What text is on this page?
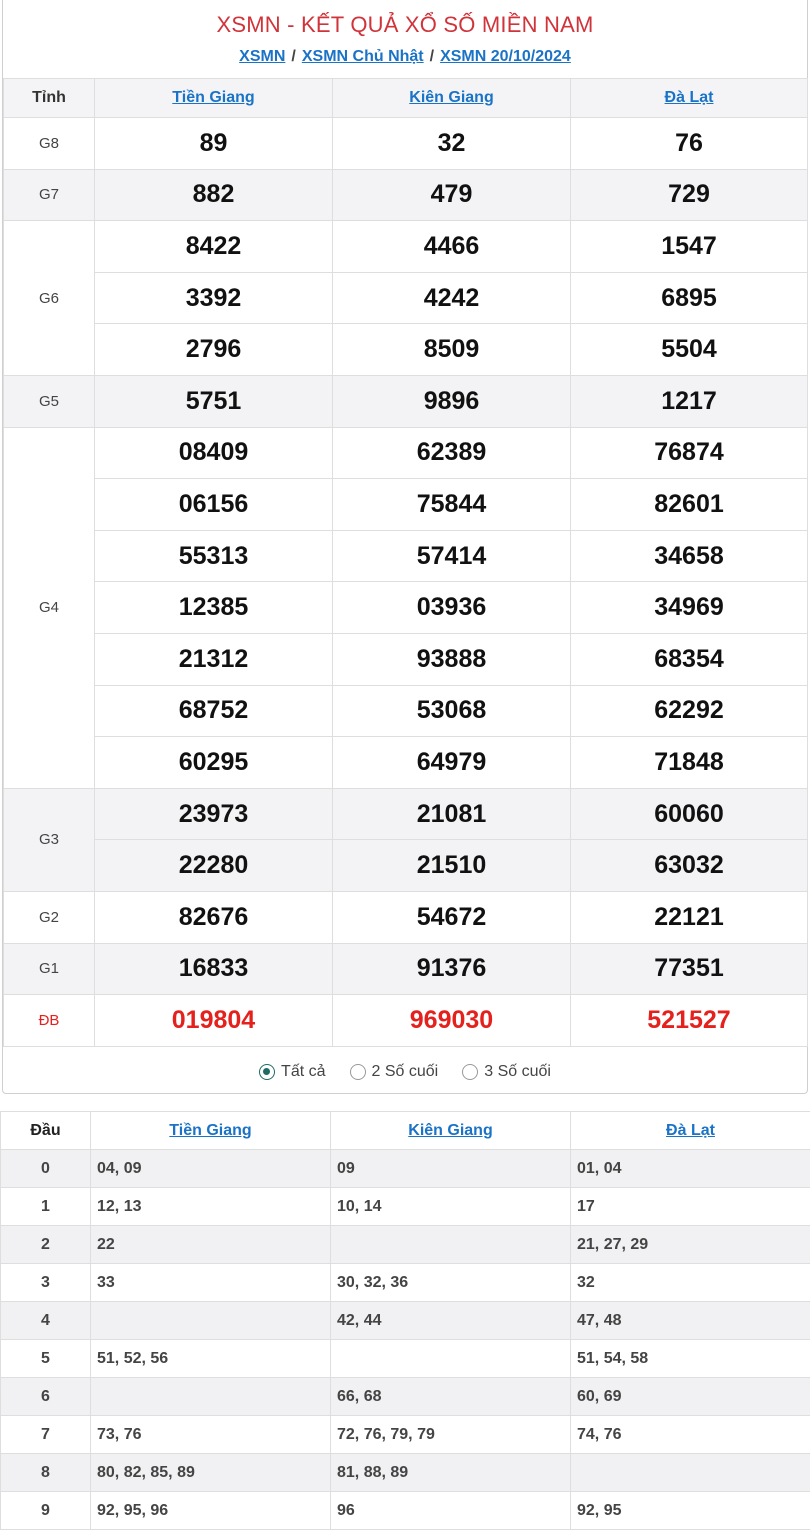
XSMN - KẾT QUẢ XỔ SỐ MIỀN NAM
XSMN / XSMN Chủ Nhật / XSMN 20/10/2024
Tỉnh	Tiền Giang	Kiên Giang	Đà Lạt
G8	89	32	76
G7	882	479	729
G6	8422	4466	1547
	3392	4242	6895
	2796	8509	5504
G5	5751	9896	1217
G4	08409	62389	76874
	06156	75844	82601
	55313	57414	34658
	12385	03936	34969
	21312	93888	68354
	68752	53068	62292
	60295	64979	71848
G3	23973	21081	60060
	22280	21510	63032
G2	82676	54672	22121
G1	16833	91376	77351
ĐB	019804	969030	521527
Tất cả	2 Số cuối	3 Số cuối
Đầu	Tiền Giang	Kiên Giang	Đà Lạt
0	04, 09	09	01, 04
1	12, 13	10, 14	17
2	22		21, 27, 29
3	33	30, 32, 36	32
4		42, 44	47, 48
5	51, 52, 56		51, 54, 58
6		66, 68	60, 69
7	73, 76	72, 76, 79, 79	74, 76
8	80, 82, 85, 89	81, 88, 89	
9	92, 95, 96	96	92, 95
